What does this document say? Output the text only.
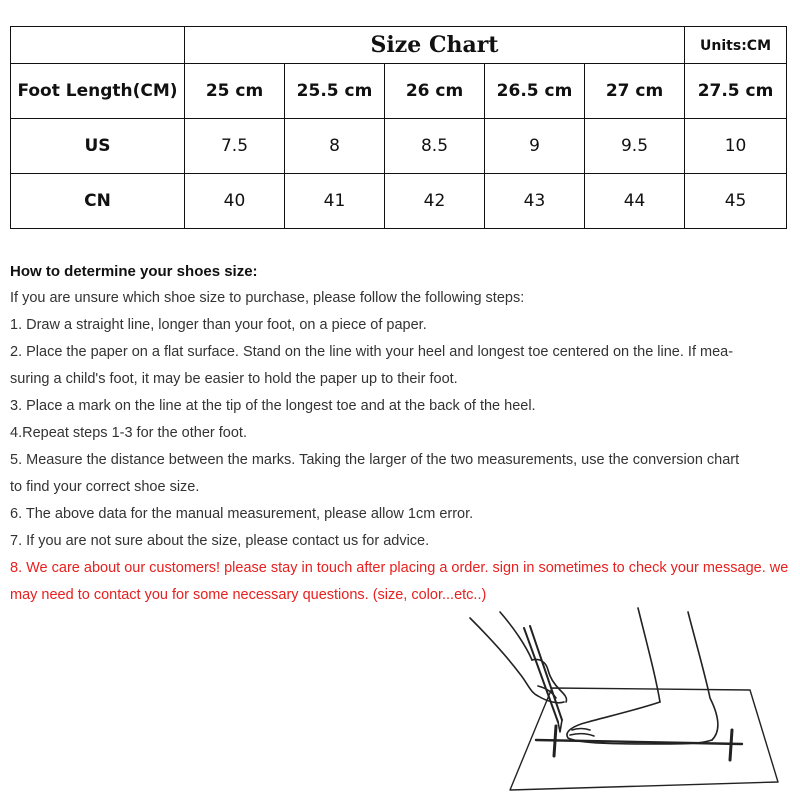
	Size Chart					Units:CM
Foot Length(CM)	25 cm	25.5 cm	26 cm	26.5 cm	27 cm	27.5 cm
US	7.5	8	8.5	9	9.5	10
CN	40	41	42	43	44	45

How to determine your shoes size:

If you are unsure which shoe size to purchase, please follow the following steps:

1. Draw a straight line, longer than your foot, on a piece of paper.

2. Place the paper on a flat surface. Stand on the line with your heel and longest toe centered on the line. If mea-

suring a child's foot, it may be easier to hold the paper up to their foot.

3. Place a mark on the line at the tip of the longest toe and at the back of the heel.

4.Repeat steps 1-3 for the other foot.

5. Measure the distance between the marks. Taking the larger of the two measurements, use the conversion chart

to find your correct shoe size.

6. The above data for the manual measurement, please allow 1cm error.

7. If you are not sure about the size, please contact us for advice.

8. We care about our customers! please stay in touch after placing a order. sign in sometimes to check your message. we

may need to contact you for some necessary questions. (size, color...etc..)
